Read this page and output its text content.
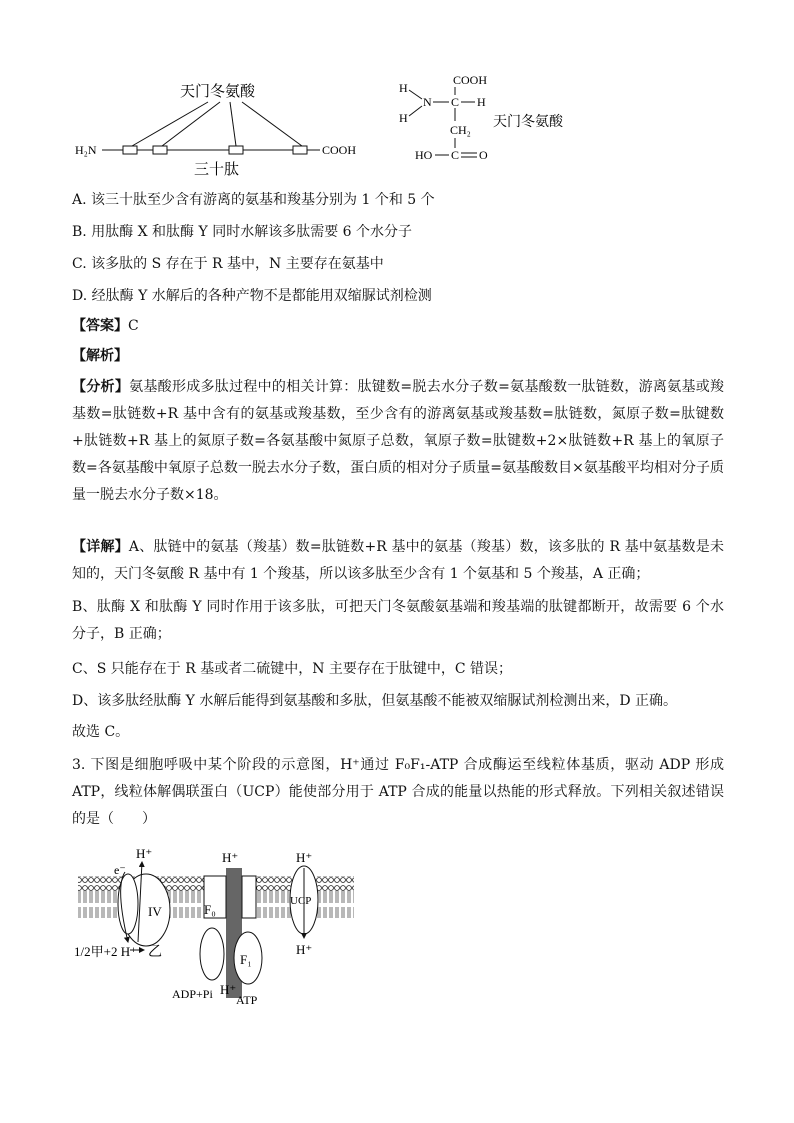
天门冬氨酸
H₂N	COOH
三十肽
COOH
H
N
H
C H
CH₂
HO C O
天门冬氨酸
A. 该三十肽至少含有游离的氨基和羧基分别为 1 个和 5 个
B. 用肽酶 X 和肽酶 Y 同时水解该多肽需要 6 个水分子
C. 该多肽的 S 存在于 R 基中，N 主要存在氨基中
D. 经肽酶 Y 水解后的各种产物不是都能用双缩脲试剂检测
【答案】C
【解析】
【分析】氨基酸形成多肽过程中的相关计算：肽键数=脱去水分子数=氨基酸数一肽链数，游离氨基或羧基数=肽链数+R 基中含有的氨基或羧基数，至少含有的游离氨基或羧基数=肽链数，氮原子数=肽键数+肽链数+R 基上的氮原子数=各氨基酸中氮原子总数，氧原子数=肽键数+2×肽链数+R 基上的氧原子数=各氨基酸中氧原子总数一脱去水分子数，蛋白质的相对分子质量=氨基酸数目×氨基酸平均相对分子质量一脱去水分子数×18。
【详解】A、肽链中的氨基（羧基）数=肽链数+R 基中的氨基（羧基）数，该多肽的 R 基中氨基数是未知的，天门冬氨酸 R 基中有 1 个羧基，所以该多肽至少含有 1 个氨基和 5 个羧基，A 正确；
B、肽酶 X 和肽酶 Y 同时作用于该多肽，可把天门冬氨酸氨基端和羧基端的肽键都断开，故需要 6 个水分子，B 正确；
C、S 只能存在于 R 基或者二硫键中，N 主要存在于肽键中，C 错误；
D、该多肽经肽酶 Y 水解后能得到氨基酸和多肽，但氨基酸不能被双缩脲试剂检测出来，D 正确。
故选 C。
3. 下图是细胞呼吸中某个阶段的示意图，H⁺通过 F₀F₁-ATP 合成酶运至线粒体基质，驱动 ADP 形成 ATP，线粒体解偶联蛋白（UCP）能使部分用于 ATP 合成的能量以热能的形式释放。下列相关叙述错误的是（　　）
H⁺
e⁻
IV
1/2甲+2 H⁺ 乙
H⁺
F₀
F₁
ADP+Pi H⁺
ATP
H⁺
UCP
H⁺
